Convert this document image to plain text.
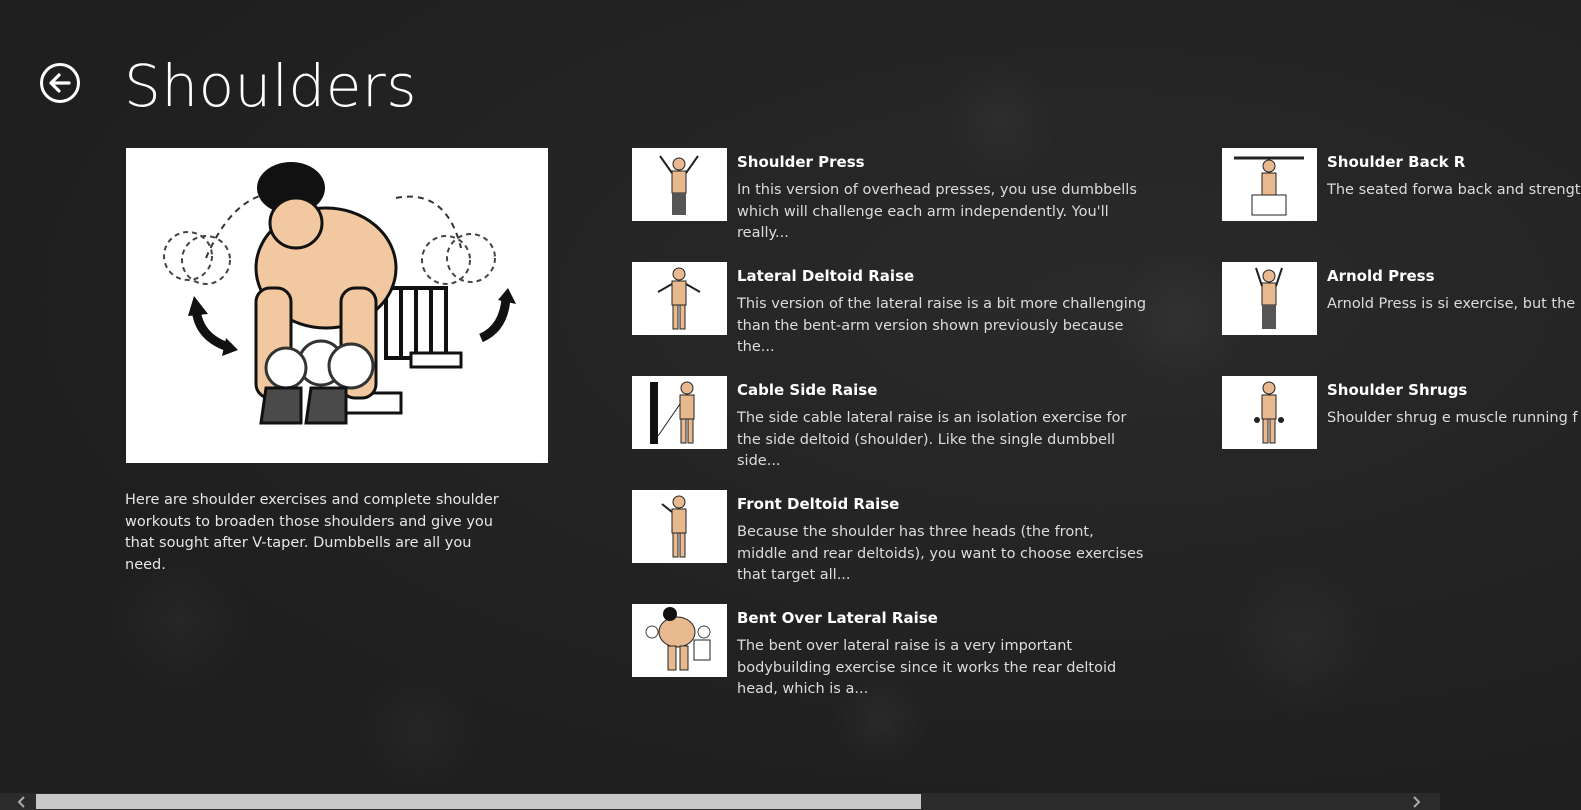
Shoulders
Here are shoulder exercises and complete shoulder workouts to broaden those shoulders and give you that sought after V-taper. Dumbbells are all you need.
Shoulder Press
In this version of overhead presses, you use dumbbells which will challenge each arm independently. You'll really...
Lateral Deltoid Raise
This version of the lateral raise is a bit more challenging than the bent-arm version shown previously because the...
Cable Side Raise
The side cable lateral raise is an isolation exercise for the side deltoid (shoulder). Like the single dumbbell side...
Front Deltoid Raise
Because the shoulder has three heads (the front, middle and rear deltoids), you want to choose exercises that target all...
Bent Over Lateral Raise
The bent over lateral raise is a very important bodybuilding exercise since it works the rear deltoid head, which is a...
Shoulder Back R
The seated forwa back and strengt
Arnold Press
Arnold Press is si exercise, but the
Shoulder Shrugs
Shoulder shrug e muscle running f
